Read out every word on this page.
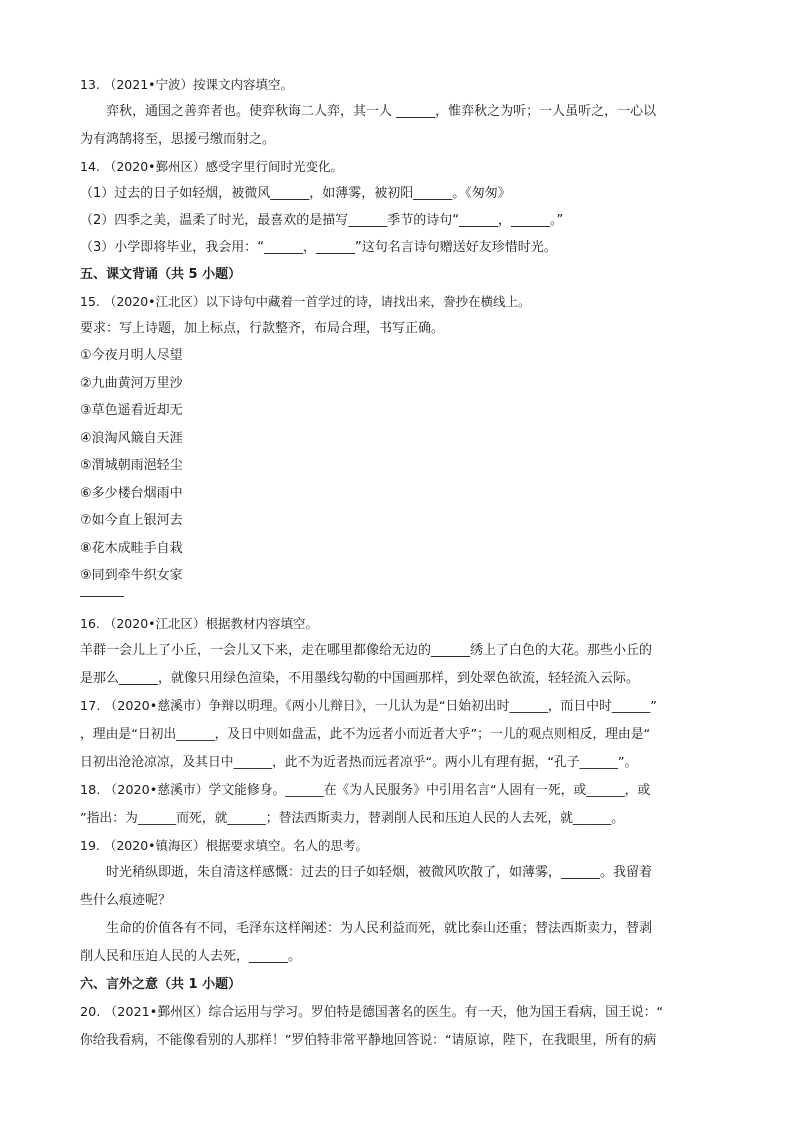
13. （2021•宁波）按课文内容填空。
弈秋，通国之善弈者也。使弈秋诲二人弈，其一人 ______，惟弈秋之为听；一人虽听之，一心以
为有鸿鹄将至，思援弓缴而射之。
14. （2020•鄞州区）感受字里行间时光变化。
（1）过去的日子如轻烟，被微风______，如薄雾，被初阳______。《匆匆》
（2）四季之美，温柔了时光，最喜欢的是描写______季节的诗句“______，______。”
（3）小学即将毕业，我会用：“______，______”这句名言诗句赠送好友珍惜时光。
五、课文背诵（共 5 小题）
15. （2020•江北区）以下诗句中藏着一首学过的诗，请找出来，誊抄在横线上。
要求：写上诗题，加上标点，行款整齐，布局合理，书写正确。
①今夜月明人尽望
②九曲黄河万里沙
③草色遥看近却无
④浪淘风簸自天涯
⑤渭城朝雨浥轻尘
⑥多少楼台烟雨中
⑦如今直上银河去
⑧花木成畦手自栽
⑨同到牵牛织女家
16. （2020•江北区）根据教材内容填空。
羊群一会儿上了小丘，一会儿又下来，走在哪里都像给无边的______绣上了白色的大花。那些小丘的
是那么______，就像只用绿色渲染，不用墨线勾勒的中国画那样，到处翠色欲流，轻轻流入云际。
17. （2020•慈溪市）争辩以明理。《两小儿辩日》，一儿认为是“日始初出时______，而日中时______”
，理由是“日初出______，及日中则如盘盂，此不为远者小而近者大乎”；一儿的观点则相反，理由是“
日初出沧沧凉凉，及其日中______，此不为近者热而远者凉乎“。两小儿有理有据，“孔子______”。
18. （2020•慈溪市）学文能修身。______在《为人民服务》中引用名言“人固有一死，或______，或
”指出：为______而死，就______；替法西斯卖力，替剥削人民和压迫人民的人去死，就______。
19. （2020•镇海区）根据要求填空。名人的思考。
时光稍纵即逝，朱自清这样感慨：过去的日子如轻烟，被微风吹散了，如薄雾，______。我留着
些什么痕迹呢？
生命的价值各有不同，毛泽东这样阐述：为人民利益而死，就比泰山还重；替法西斯卖力，替剥
削人民和压迫人民的人去死，______。
六、言外之意（共 1 小题）
20. （2021•鄞州区）综合运用与学习。罗伯特是德国著名的医生。有一天，他为国王看病，国王说：“
你给我看病，不能像看别的人那样！”罗伯特非常平静地回答说：“请原谅，陛下，在我眼里，所有的病
